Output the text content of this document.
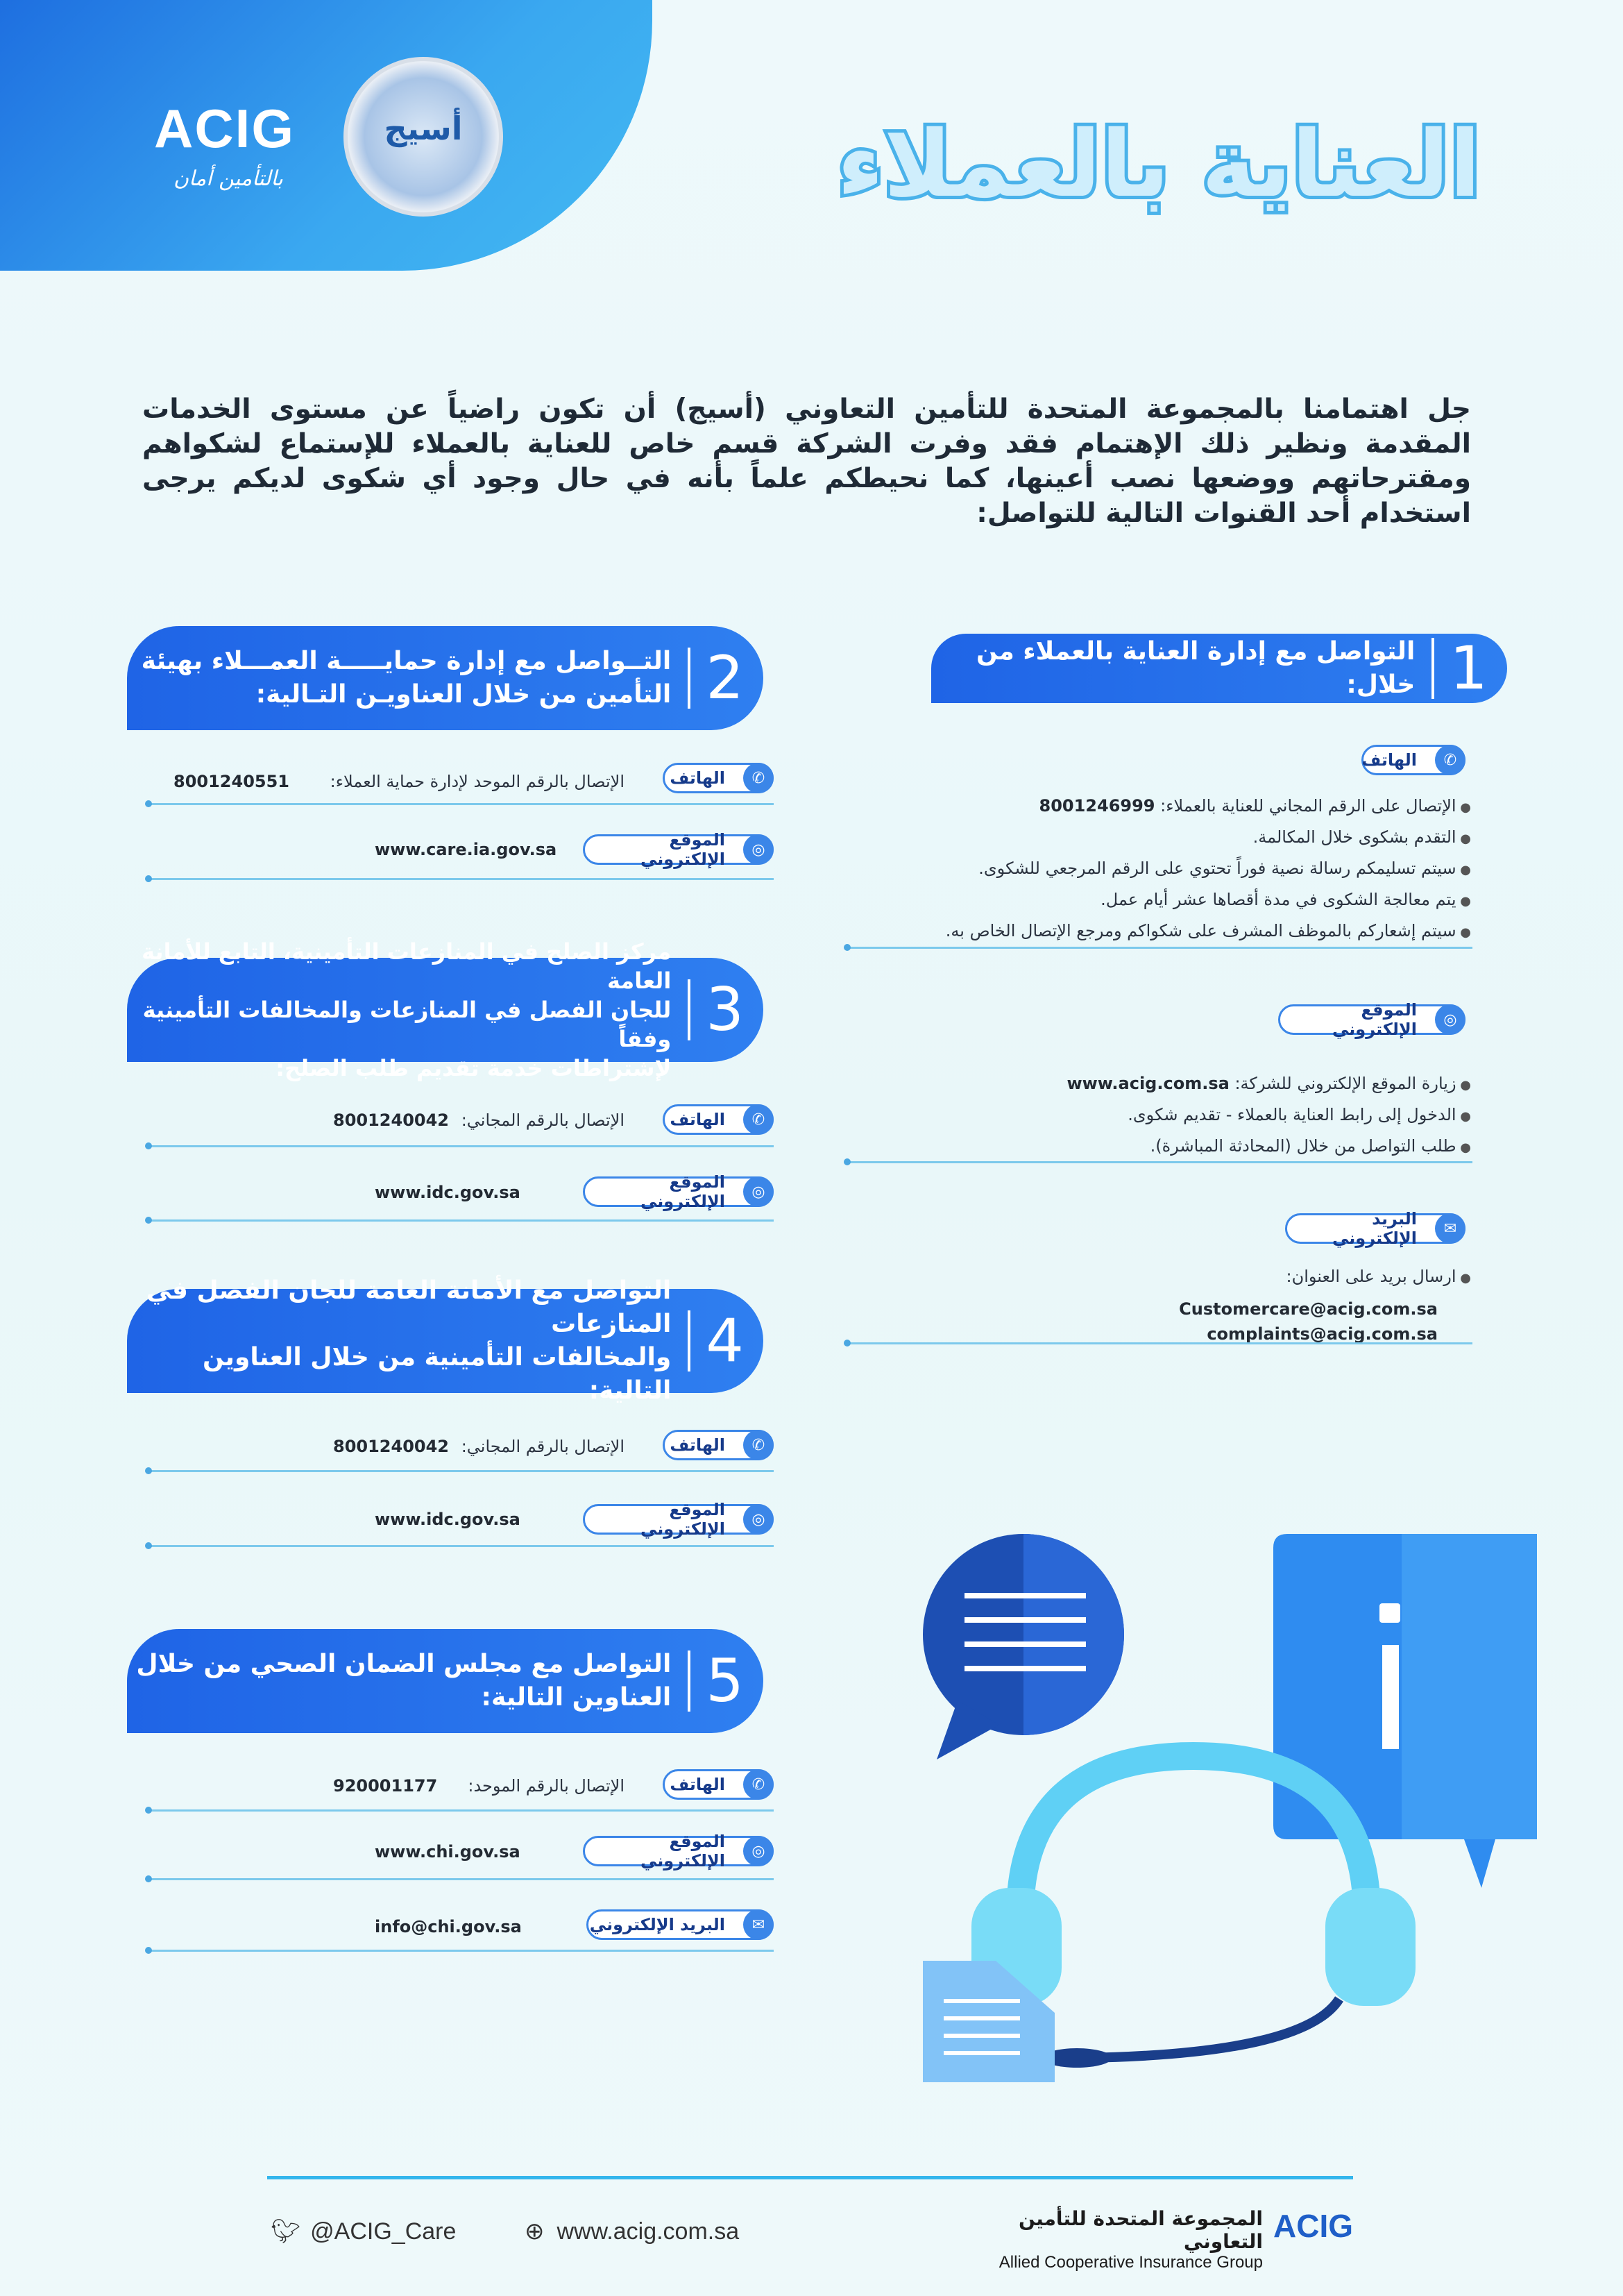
ACIG
بالتأمين أمان
أسيج	العناية بالعملاء
جل اهتمامنا بالمجموعة المتحدة للتأمين التعاوني (أسيج) أن تكون راضياً عن مستوى الخدمات المقدمة ونظير ذلك الإهتمام فقد وفرت الشركة قسم خاص للعناية بالعملاء للإستماع لشكواهم ومقترحاتهم ووضعها نصب أعينها، كما نحيطكم علماً بأنه في حال وجود أي شكوى لديكم يرجى استخدام أحد القنوات التالية للتواصل:
1
التواصل مع إدارة العناية بالعملاء من خلال:
✆
الهاتف
● الإتصال على الرقم المجاني للعناية بالعملاء: 8001246999
● التقدم بشكوى خلال المكالمة.
● سيتم تسليمكم رسالة نصية فوراً تحتوي على الرقم المرجعي للشكوى.
● يتم معالجة الشكوى في مدة أقصاها عشر أيام عمل.
● سيتم إشعاركم بالموظف المشرف على شكواكم ومرجع الإتصال الخاص به.
◎
الموقع الإلكتروني
● زيارة الموقع الإلكتروني للشركة: www.acig.com.sa
● الدخول إلى رابط العناية بالعملاء - تقديم شكوى.
● طلب التواصل من خلال (المحادثة المباشرة).
✉
البريد الإلكتروني
● ارسال بريد على العنوان:
Customercare@acig.com.sa
complaints@acig.com.sa
2
التــواصل مع إدارة حمايـــــة العمـــلاء بهيئة
التأمين من خلال العناويـن التـالية:
✆
الهاتف
الإتصال بالرقم الموحد لإدارة حماية العملاء:
8001240551
◎
الموقع الإلكتروني
www.care.ia.gov.sa
3
مركز الصلح في المنازعات التأمينية، التابع للأمانة العامة
للجان الفصل في المنازعات والمخالفات التأمينية وفقاً
لإشتراطات خدمة تقديم طلب الصلح:
✆
الهاتف
الإتصال بالرقم المجاني:
8001240042
◎
الموقع الإلكتروني
www.idc.gov.sa
4
التواصل مع الأمانة العامة للجان الفصل في المنازعات
والمخالفات التأمينية من خلال العناوين التالية:
✆
الهاتف
الإتصال بالرقم المجاني:
8001240042
◎
الموقع الإلكتروني
www.idc.gov.sa
5
التواصل مع مجلس الضمان الصحي من خلال
العناوين التالية:
✆
الهاتف
الإتصال بالرقم الموحد:
920001177
◎
الموقع الإلكتروني
www.chi.gov.sa
✉
البريد الإلكتروني
info@chi.gov.sa
🐦︎ @ACIG_Care	⊕ www.acig.com.sa	المجموعة المتحدة للتأمين التعاوني
Allied Cooperative Insurance Group
ACIG
